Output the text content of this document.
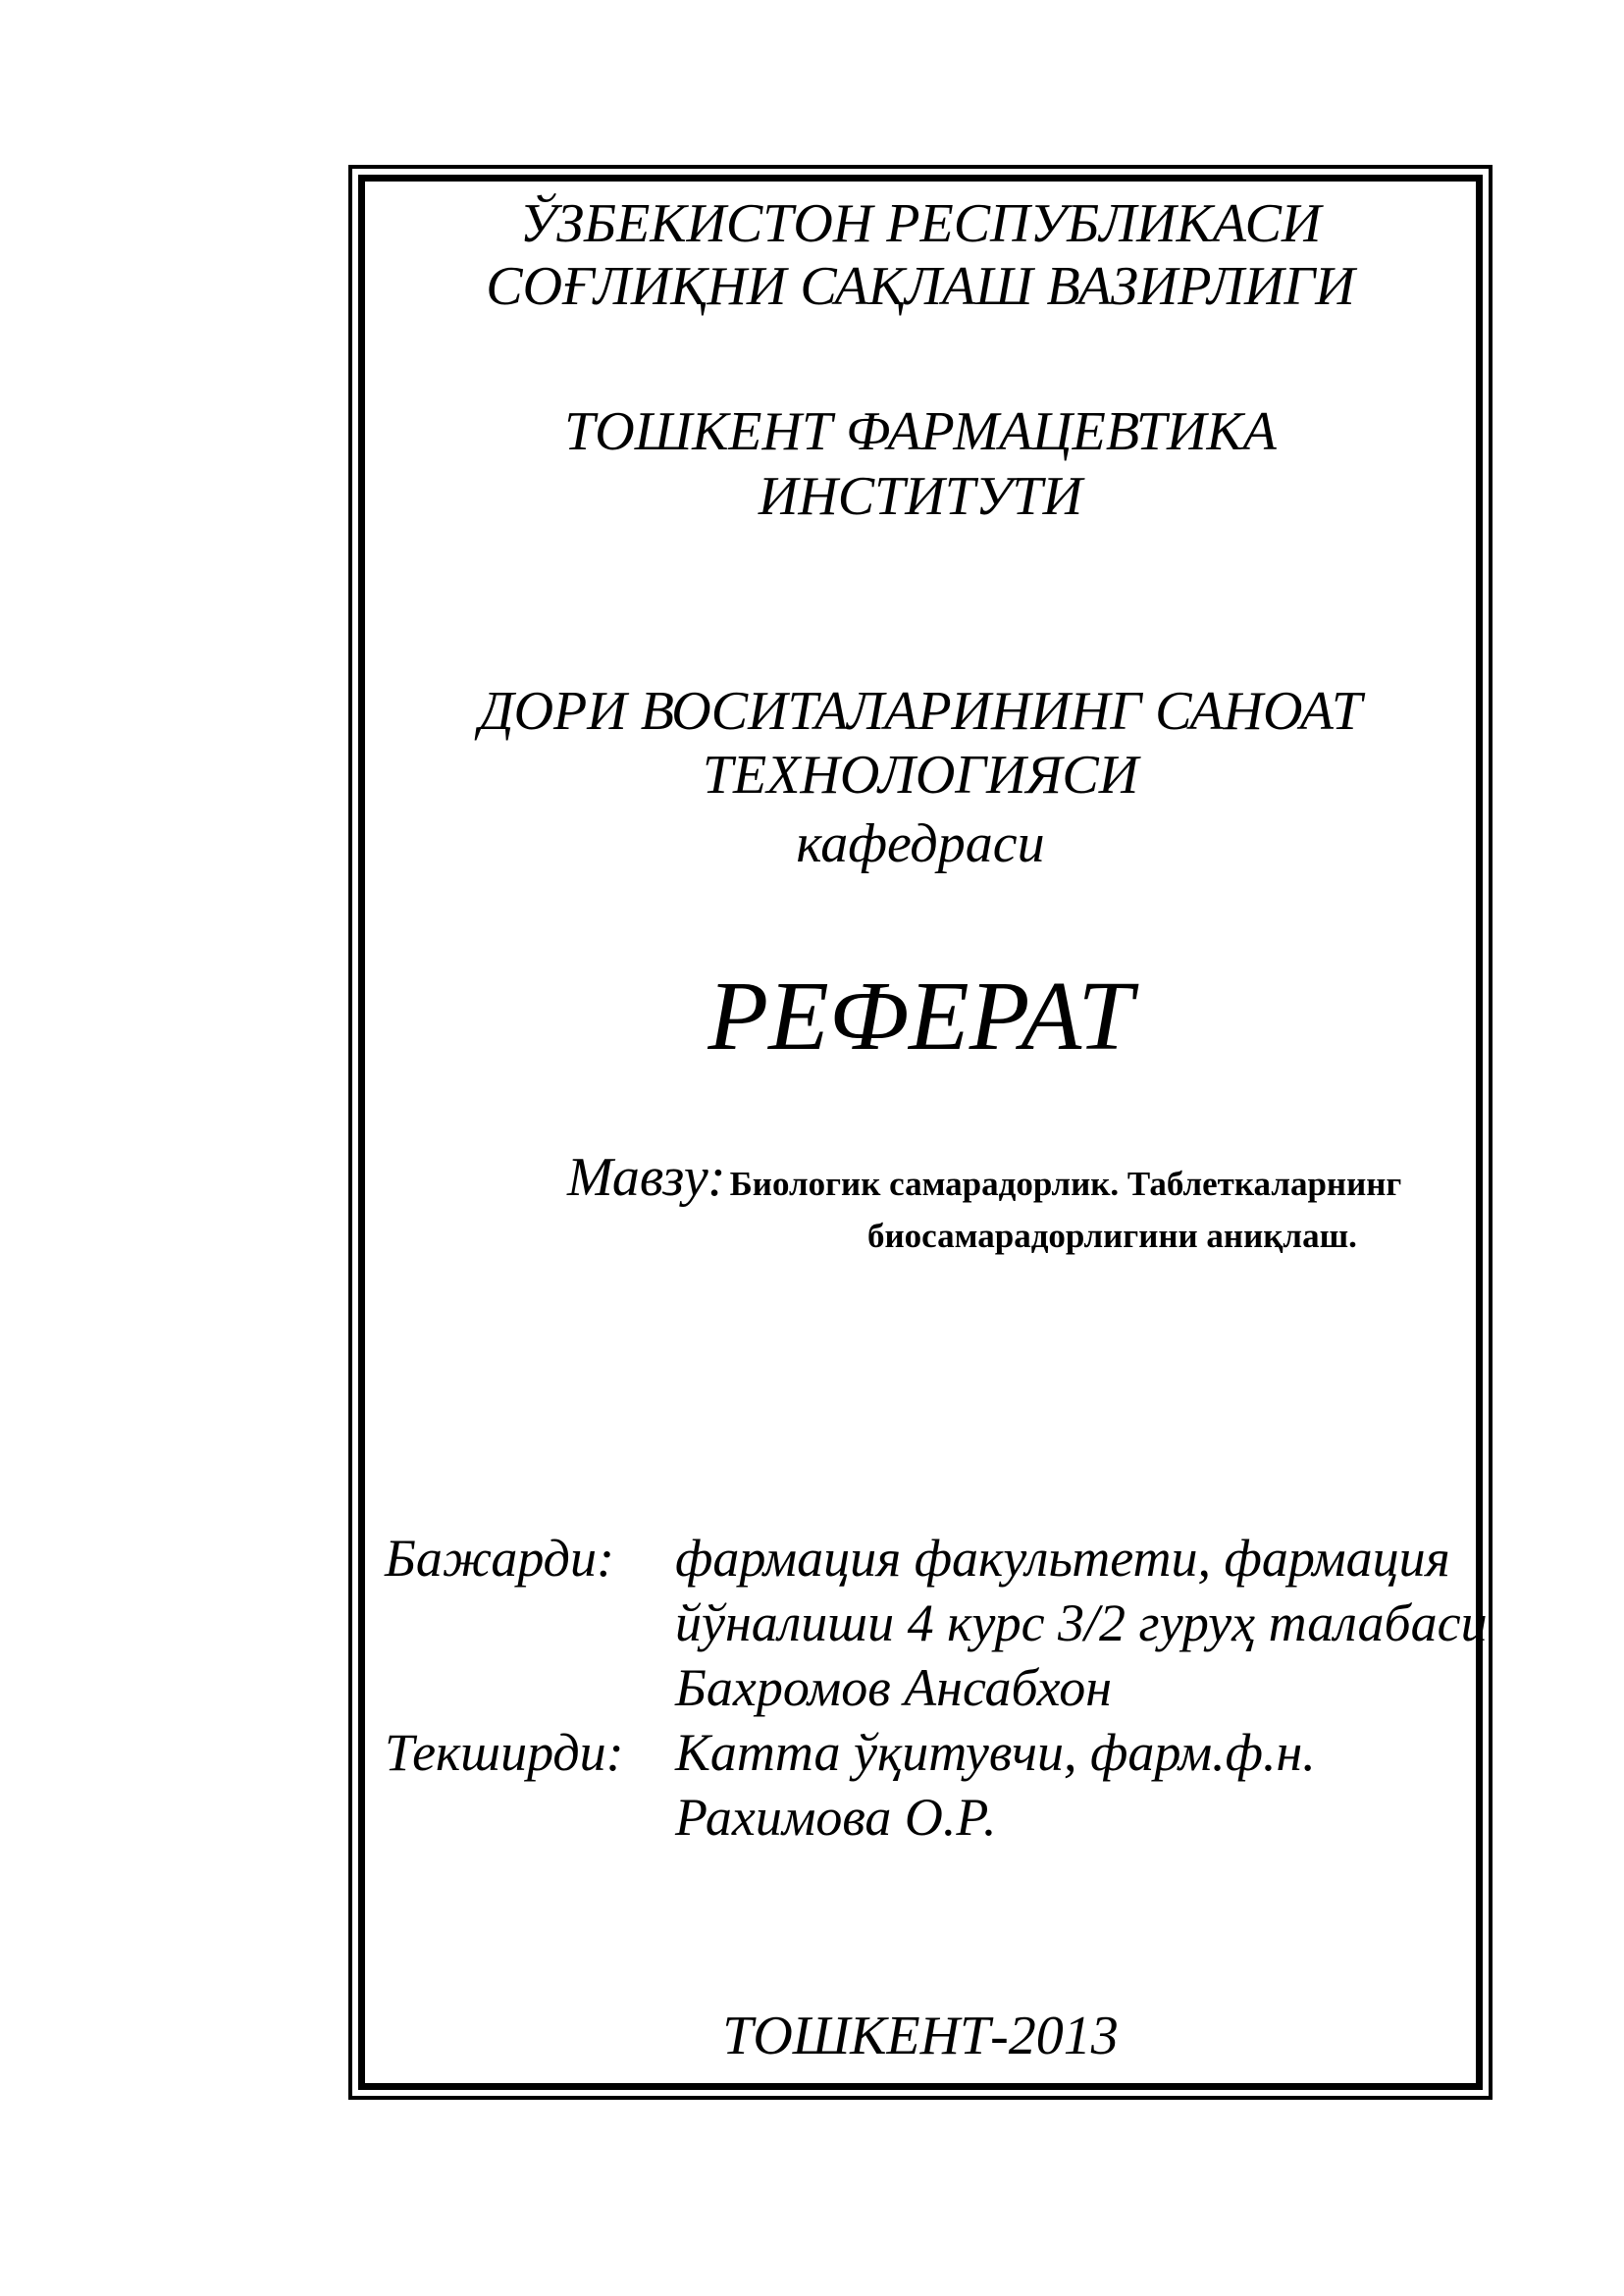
ЎЗБЕКИСТОН РЕСПУБЛИКАСИ
СОҒЛИҚНИ САҚЛАШ ВАЗИРЛИГИ
ТОШКЕНТ ФАРМАЦЕВТИКА
ИНСТИТУТИ
ДОРИ ВОСИТАЛАРИНИНГ САНОАТ
ТЕХНОЛОГИЯСИ
кафедраси
РЕФЕРАТ
Мавзу: Биологик самарадорлик. Таблеткаларнинг
биосамарадорлигини аниқлаш.
Бажарди: фармация факультети, фармация
йўналиши 4 курс 3/2 гуруҳ талабаси
Бахромов Ансабхон
Текширди: Катта ўқитувчи, фарм.ф.н.
Рахимова О.Р.
ТОШКЕНТ-2013
